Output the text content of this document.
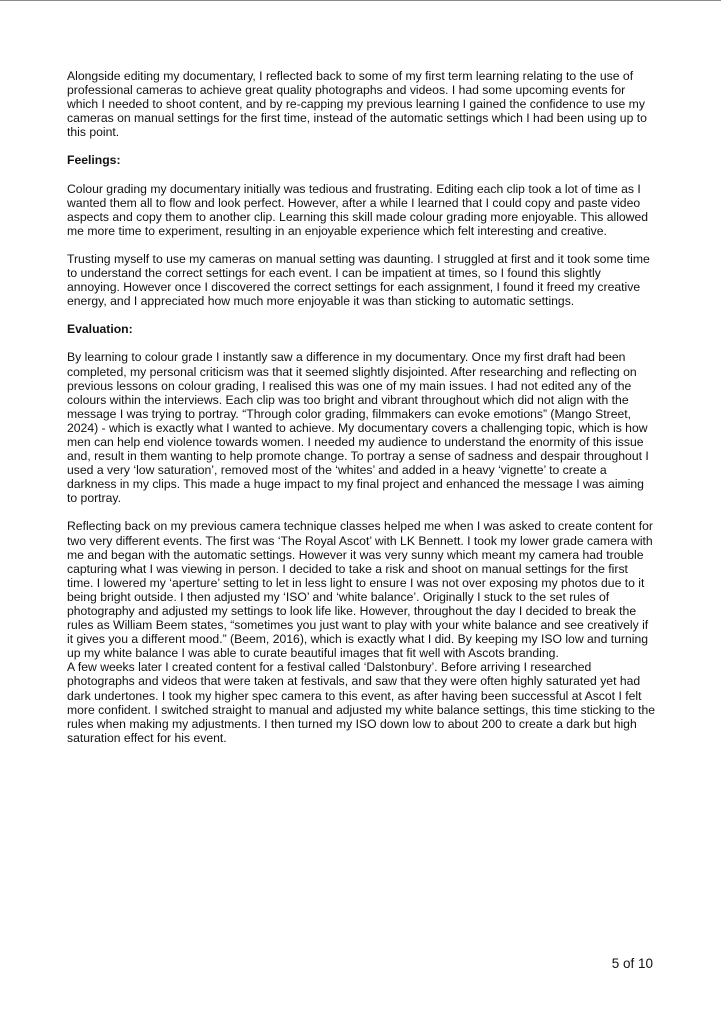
Alongside editing my documentary, I reflected back to some of my first term learning relating to the use of professional cameras to achieve great quality photographs and videos. I had some upcoming events for which I needed to shoot content, and by re-capping my previous learning I gained the confidence to use my cameras on manual settings for the first time, instead of the automatic settings which I had been using up to this point.

Feelings:

Colour grading my documentary initially was tedious and frustrating. Editing each clip took a lot of time as I wanted them all to flow and look perfect. However, after a while I learned that I could copy and paste video aspects and copy them to another clip. Learning this skill made colour grading more enjoyable. This allowed me more time to experiment, resulting in an enjoyable experience which felt interesting and creative.

Trusting myself to use my cameras on manual setting was daunting. I struggled at first and it took some time to understand the correct settings for each event. I can be impatient at times, so I found this slightly annoying. However once I discovered the correct settings for each assignment, I found it freed my creative energy, and I appreciated how much more enjoyable it was than sticking to automatic settings.

Evaluation:

By learning to colour grade I instantly saw a difference in my documentary. Once my first draft had been completed, my personal criticism was that it seemed slightly disjointed. After researching and reflecting on previous lessons on colour grading, I realised this was one of my main issues. I had not edited any of the colours within the interviews. Each clip was too bright and vibrant throughout which did not align with the message I was trying to portray. “Through color grading, filmmakers can evoke emotions” (Mango Street, 2024) - which is exactly what I wanted to achieve. My documentary covers a challenging topic, which is how men can help end violence towards women. I needed my audience to understand the enormity of this issue and, result in them wanting to help promote change. To portray a sense of sadness and despair throughout I used a very ‘low saturation’, removed most of the ‘whites’ and added in a heavy ‘vignette’ to create a darkness in my clips. This made a huge impact to my final project and enhanced the message I was aiming to portray.

Reflecting back on my previous camera technique classes helped me when I was asked to create content for two very different events. The first was ‘The Royal Ascot’ with LK Bennett. I took my lower grade camera with me and began with the automatic settings. However it was very sunny which meant my camera had trouble capturing what I was viewing in person. I decided to take a risk and shoot on manual settings for the first time. I lowered my ‘aperture’ setting to let in less light to ensure I was not over exposing my photos due to it being bright outside. I then adjusted my ‘ISO’ and ‘white balance’. Originally I stuck to the set rules of photography and adjusted my settings to look life like. However, throughout the day I decided to break the rules as William Beem states, “sometimes you just want to play with your white balance and see creatively if it gives you a different mood.” (Beem, 2016), which is exactly what I did. By keeping my ISO low and turning up my white balance I was able to curate beautiful images that fit well with Ascots branding.

A few weeks later I created content for a festival called ‘Dalstonbury’. Before arriving I researched photographs and videos that were taken at festivals, and saw that they were often highly saturated yet had dark undertones. I took my higher spec camera to this event, as after having been successful at Ascot I felt more confident. I switched straight to manual and adjusted my white balance settings, this time sticking to the rules when making my adjustments. I then turned my ISO down low to about 200 to create a dark but high saturation effect for his event.

5 of 10
